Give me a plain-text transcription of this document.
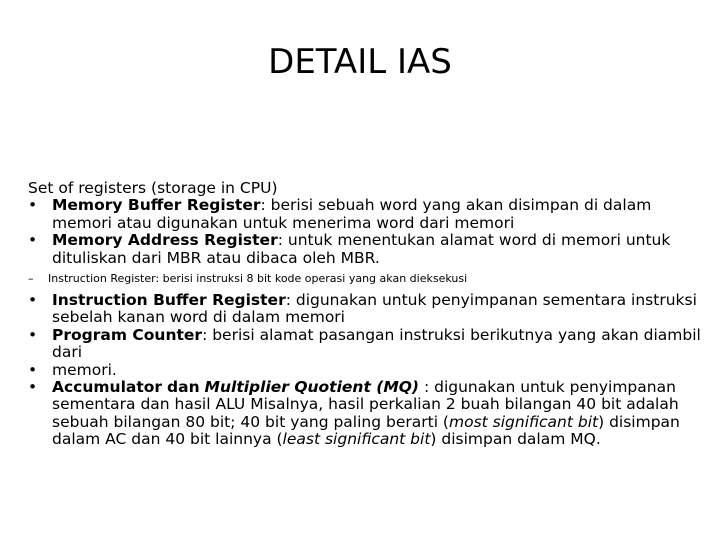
DETAIL IAS

Set of registers (storage in CPU)

• Memory Buffer Register: berisi sebuah word yang akan disimpan di dalam memori atau digunakan untuk menerima word dari memori

• Memory Address Register: untuk menentukan alamat word di memori untuk dituliskan dari MBR atau dibaca oleh MBR.

– Instruction Register: berisi instruksi 8 bit kode operasi yang akan dieksekusi

• Instruction Buffer Register: digunakan untuk penyimpanan sementara instruksi sebelah kanan word di dalam memori

• Program Counter: berisi alamat pasangan instruksi berikutnya yang akan diambil dari

• memori.

• Accumulator dan Multiplier Quotient (MQ) : digunakan untuk penyimpanan sementara dan hasil ALU Misalnya, hasil perkalian 2 buah bilangan 40 bit adalah sebuah bilangan 80 bit; 40 bit yang paling berarti (most significant bit) disimpan dalam AC dan 40 bit lainnya (least significant bit) disimpan dalam MQ.
